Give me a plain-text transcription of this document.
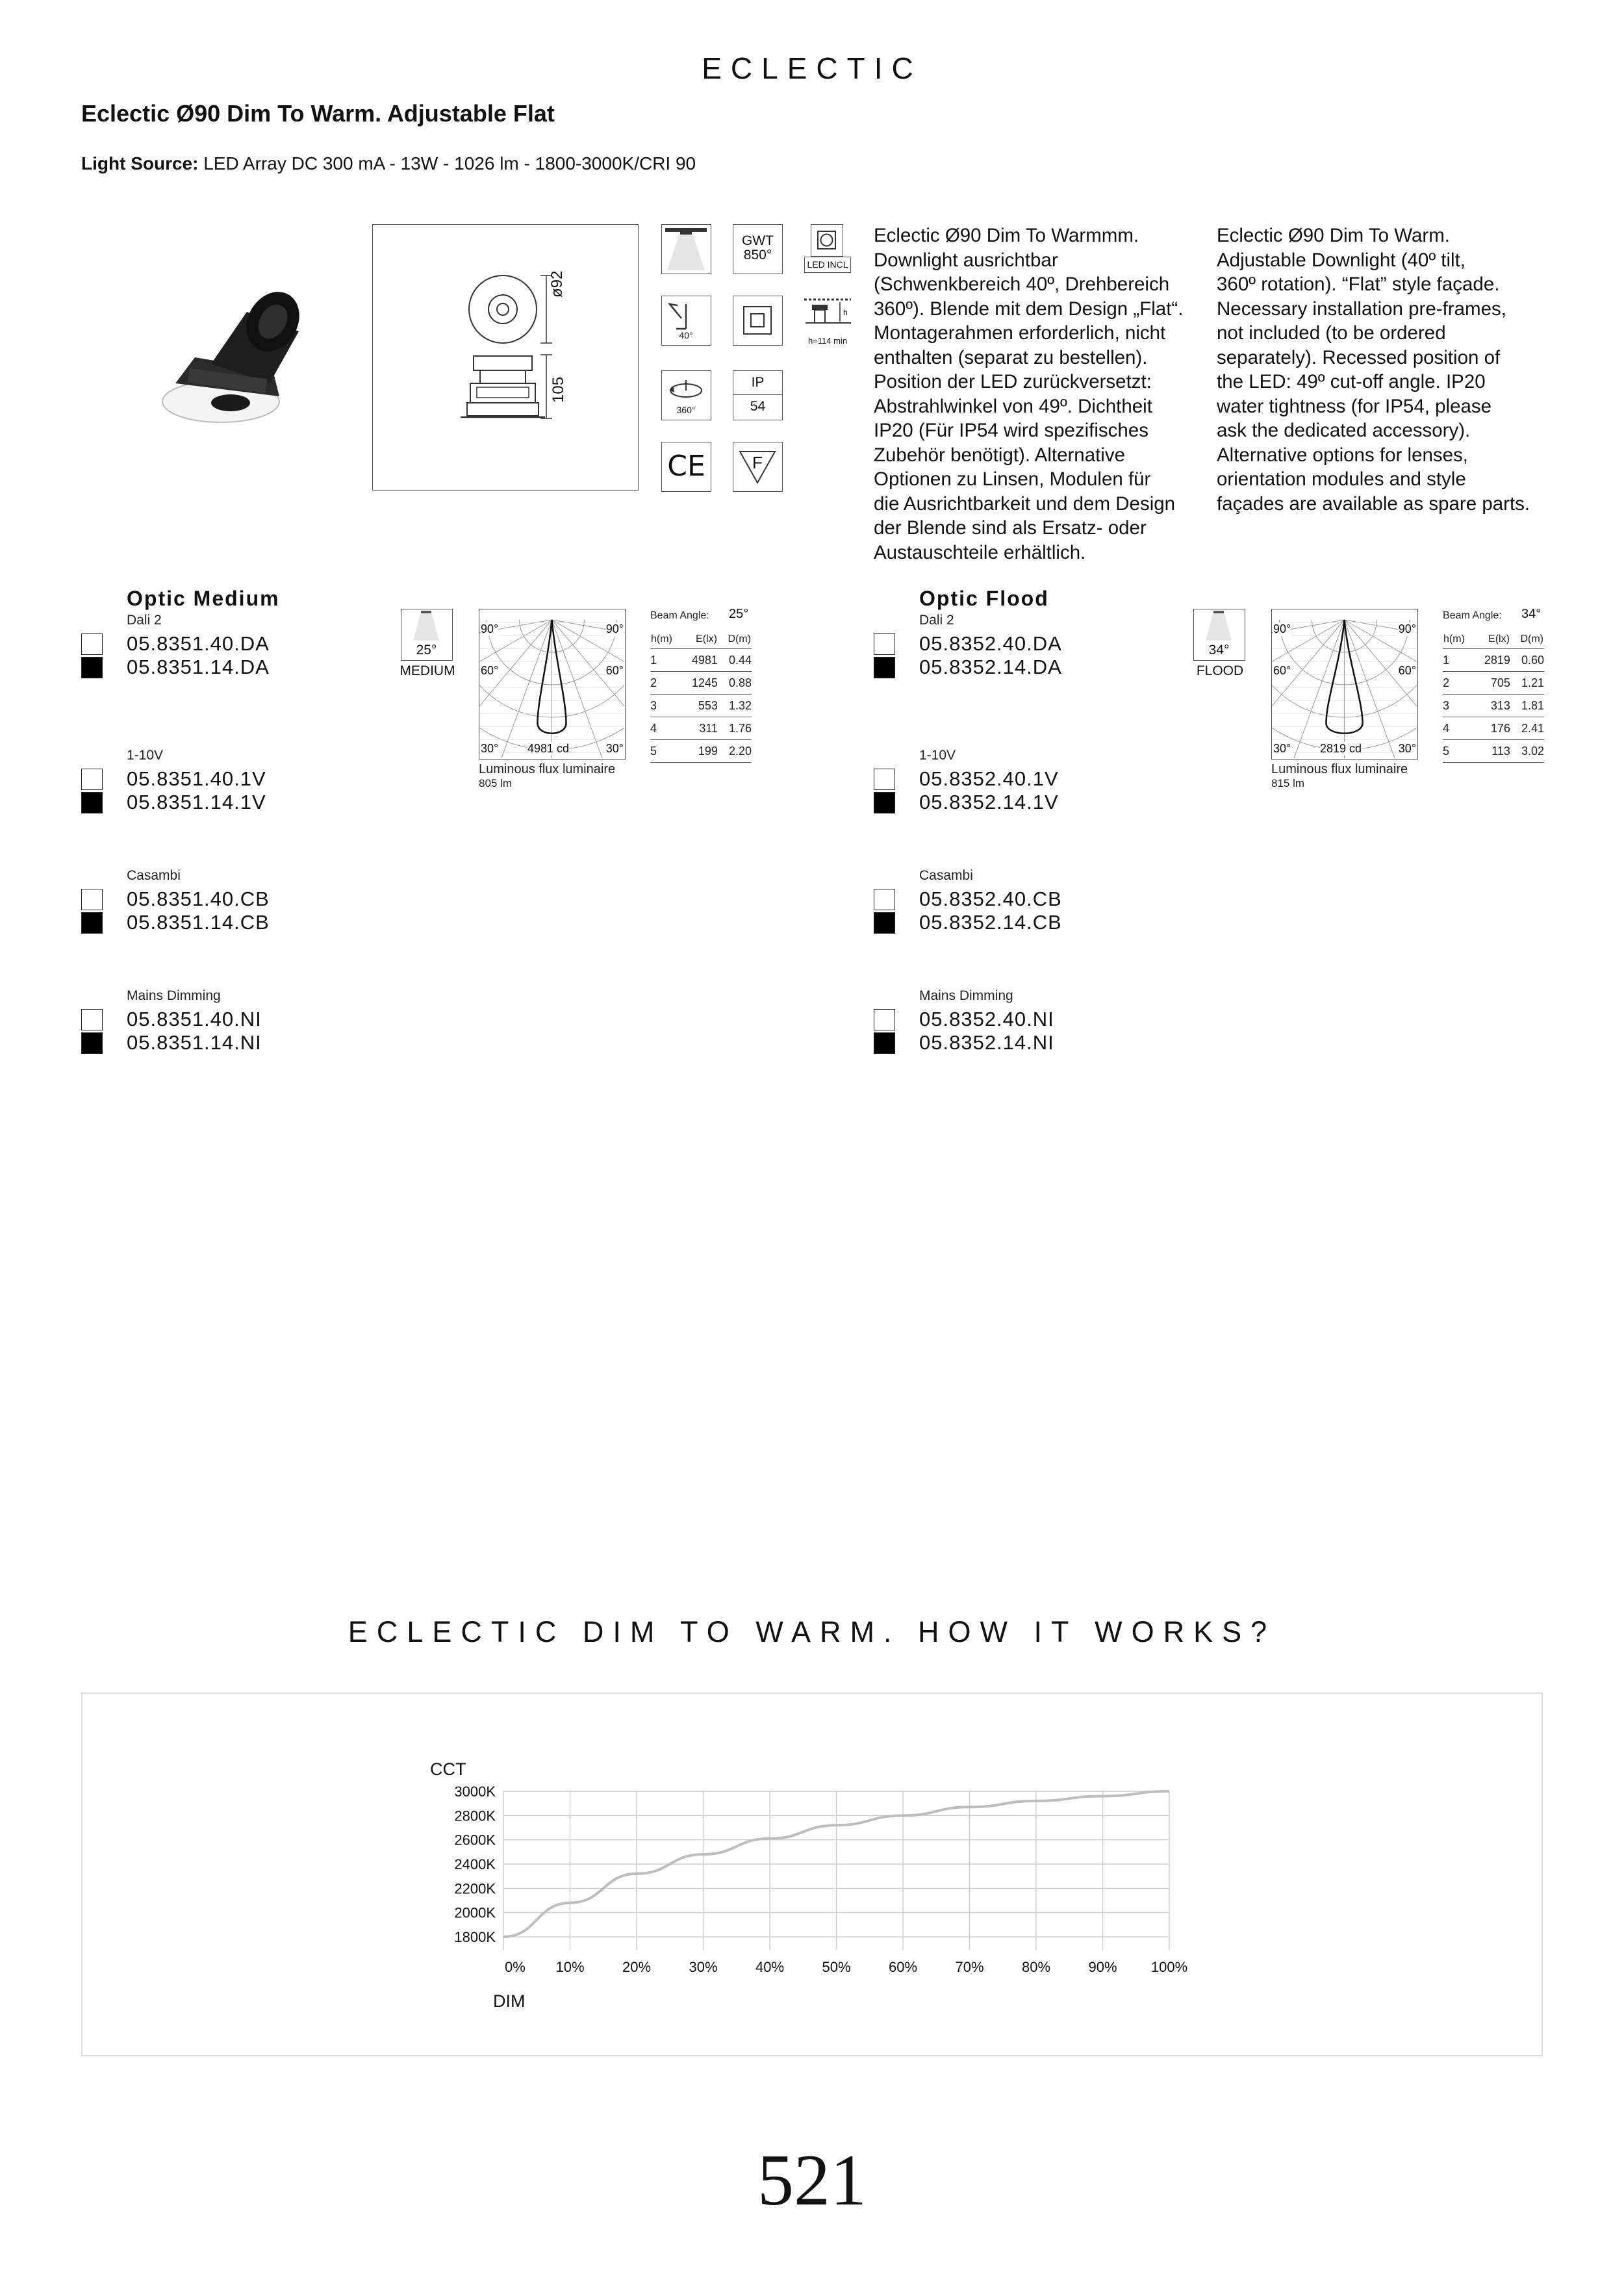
ECLECTIC
Eclectic Ø90 Dim To Warm. Adjustable Flat
Light Source: LED Array DC 300 mA - 13W - 1026 lm - 1800-3000K/CRI 90
ø92
105
GWT
850°
LED INCL
40°
h
h=114 min
360°
IP
54
CE	F
Eclectic Ø90 Dim To Warmmm.
Downlight ausrichtbar
(Schwenkbereich 40º, Drehbereich
360º). Blende mit dem Design „Flat“.
Montagerahmen erforderlich, nicht
enthalten (separat zu bestellen).
Position der LED zurückversetzt:
Abstrahlwinkel von 49º. Dichtheit
IP20 (Für IP54 wird spezifisches
Zubehör benötigt). Alternative
Optionen zu Linsen, Modulen für
die Ausrichtbarkeit und dem Design
der Blende sind als Ersatz- oder
Austauschteile erhältlich.
Eclectic Ø90 Dim To Warm.
Adjustable Downlight (40º tilt,
360º rotation). “Flat” style façade.
Necessary installation pre-frames,
not included (to be ordered
separately). Recessed position of
the LED: 49º cut-off angle. IP20
water tightness (for IP54, please
ask the dedicated accessory).
Alternative options for lenses,
orientation modules and style
façades are available as spare parts.
Optic Medium
Dali 2
05.8351.40.DA
05.8351.14.DA
1-10V
05.8351.40.1V
05.8351.14.1V
Casambi
05.8351.40.CB
05.8351.14.CB
Mains Dimming
05.8351.40.NI
05.8351.14.NI
25°
MEDIUM
90°	90°
60°	60°
30°	30°
4981 cd
Luminous flux luminaire
805 lm
Beam Angle: 25°
h(m)	E(lx)	D(m)
1	4981	0.44
2	1245	0.88
3	553	1.32
4	311	1.76
5	199	2.20
Optic Flood
Dali 2
05.8352.40.DA
05.8352.14.DA
1-10V
05.8352.40.1V
05.8352.14.1V
Casambi
05.8352.40.CB
05.8352.14.CB
Mains Dimming
05.8352.40.NI
05.8352.14.NI
34°
FLOOD
90°	90°
60°	60°
30°	30°
2819 cd
Luminous flux luminaire
815 lm
Beam Angle: 34°
h(m)	E(lx)	D(m)
1	2819	0.60
2	705	1.21
3	313	1.81
4	176	2.41
5	113	3.02
ECLECTIC DIM TO WARM. HOW IT WORKS?
0% 10%	20%	30%	40%	50%	60%	70%	80%	90% 100%
3000K
2800K
2600K
2400K
2200K
2000K
1800K
CCT
DIM
521
